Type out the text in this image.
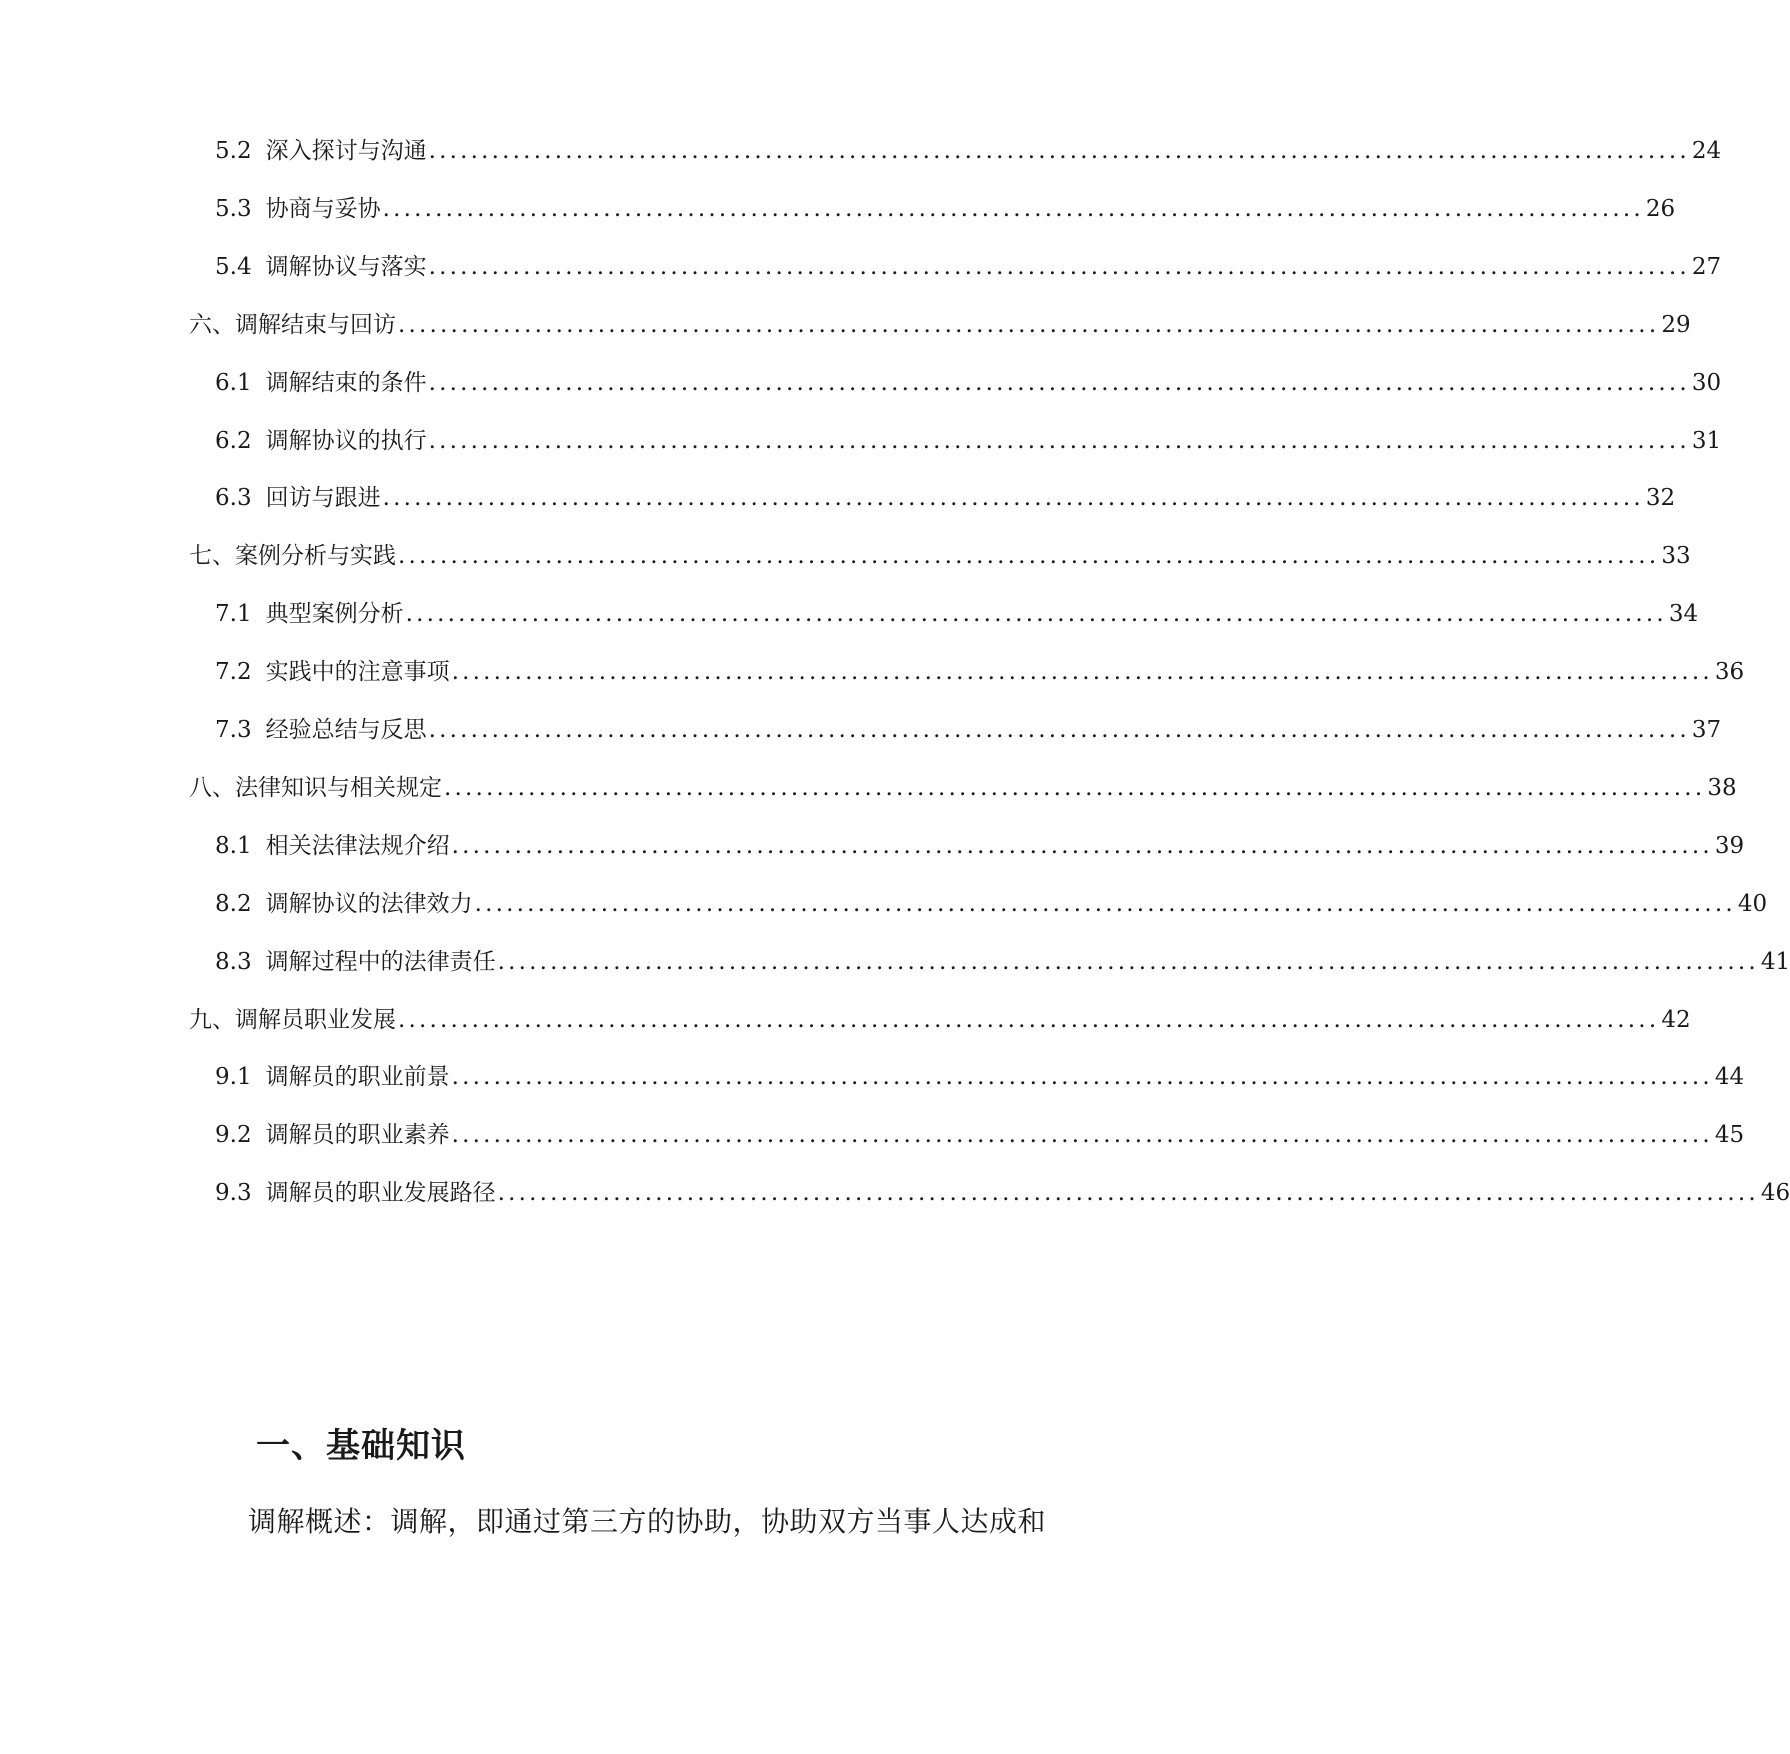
5.2 深入探讨与沟通 ........................................................................................................................ 24
5.3 协商与妥协 ........................................................................................................................ 26
5.4 调解协议与落实 ........................................................................................................................ 27
六、调解结束与回访 ........................................................................................................................ 29
6.1 调解结束的条件 ........................................................................................................................ 30
6.2 调解协议的执行 ........................................................................................................................ 31
6.3 回访与跟进 ........................................................................................................................ 32
七、案例分析与实践 ........................................................................................................................ 33
7.1 典型案例分析 ........................................................................................................................ 34
7.2 实践中的注意事项 ........................................................................................................................ 36
7.3 经验总结与反思 ........................................................................................................................ 37
八、法律知识与相关规定 ........................................................................................................................ 38
8.1 相关法律法规介绍 ........................................................................................................................ 39
8.2 调解协议的法律效力 ........................................................................................................................ 40
8.3 调解过程中的法律责任 ........................................................................................................................ 41
九、调解员职业发展 ........................................................................................................................ 42
9.1 调解员的职业前景 ........................................................................................................................ 44
9.2 调解员的职业素养 ........................................................................................................................ 45
9.3 调解员的职业发展路径 ........................................................................................................................ 46
一、基础知识
调解概述：调解，即通过第三方的协助，协助双方当事人达成和
